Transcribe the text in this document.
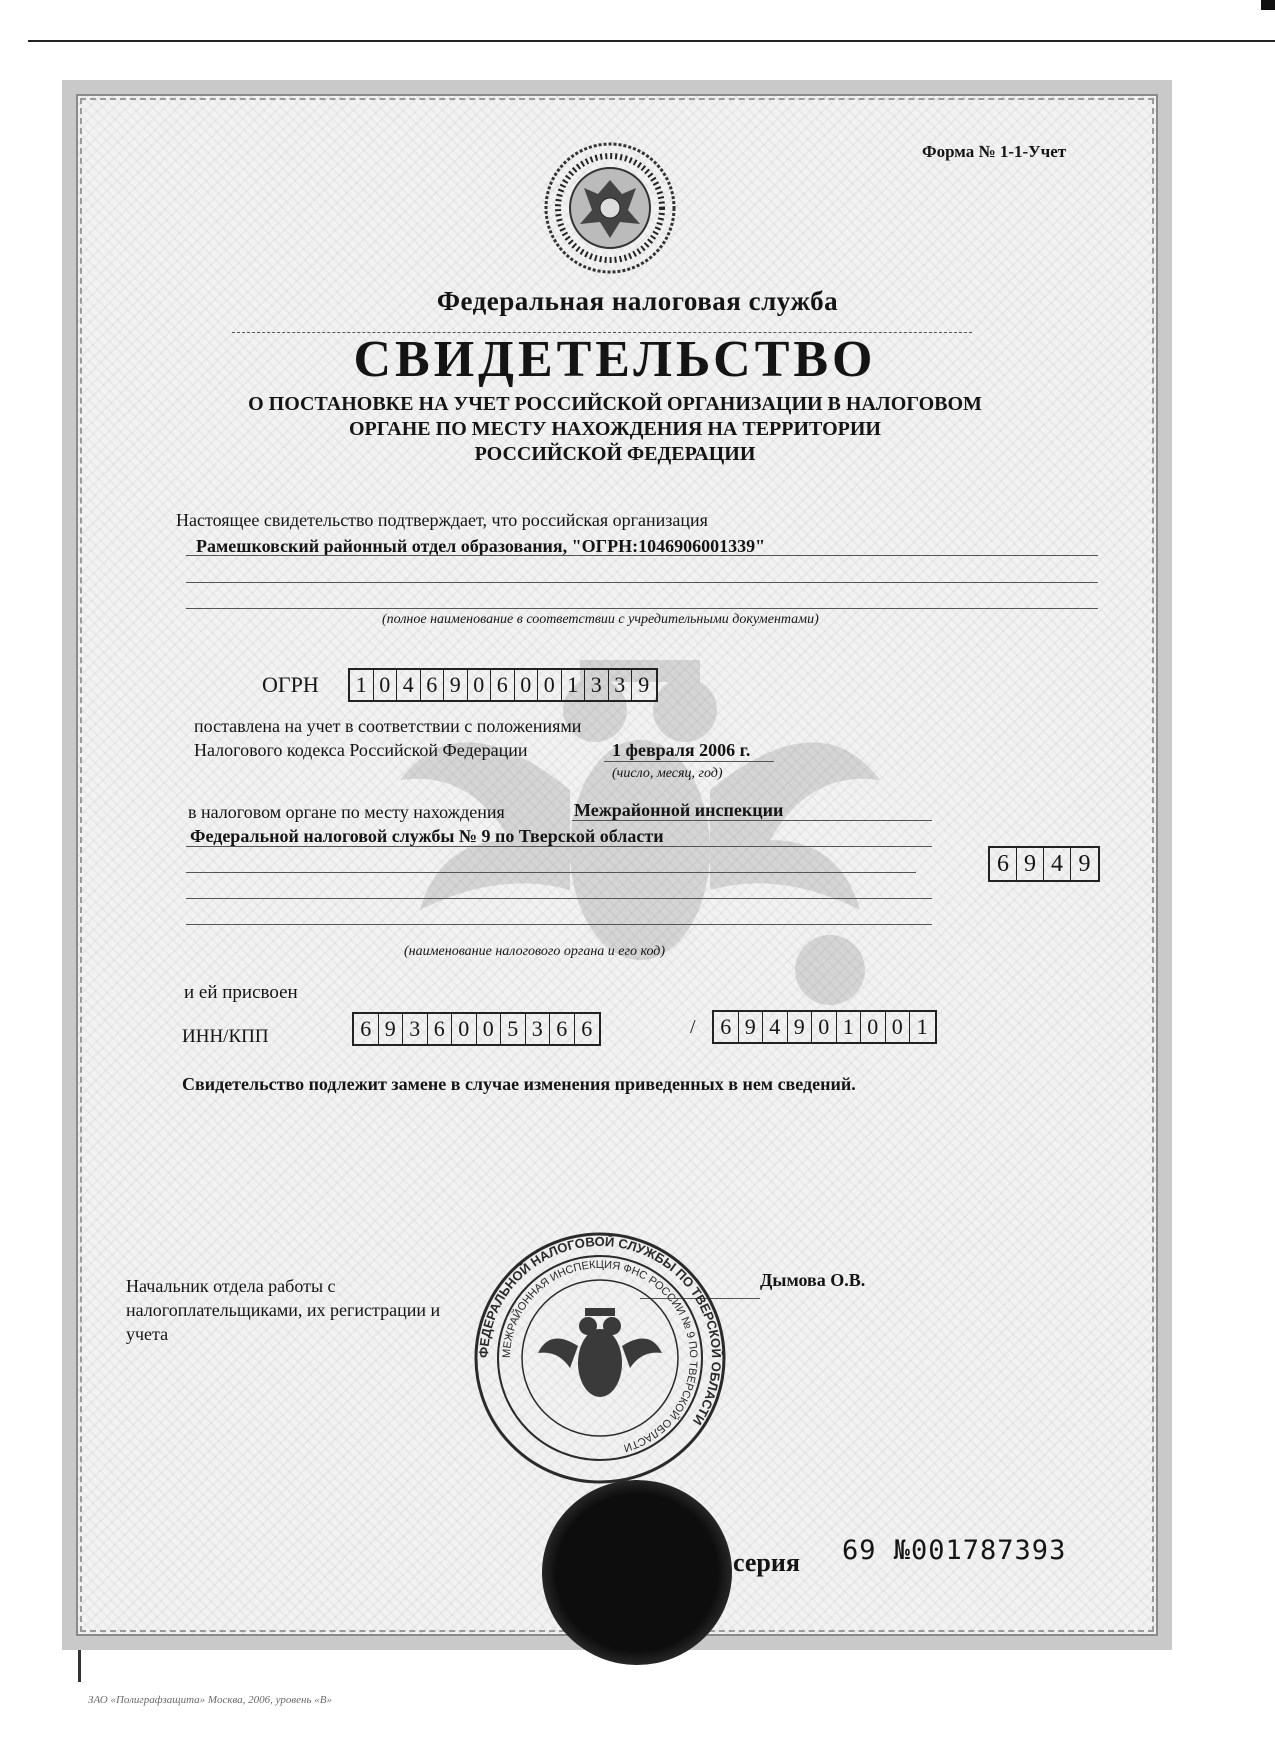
Форма № 1-1-Учет
Федеральная налоговая служба
СВИДЕТЕЛЬСТВО
О ПОСТАНОВКЕ НА УЧЕТ РОССИЙСКОЙ ОРГАНИЗАЦИИ В НАЛОГОВОМ
ОРГАНЕ ПО МЕСТУ НАХОЖДЕНИЯ НА ТЕРРИТОРИИ
РОССИЙСКОЙ ФЕДЕРАЦИИ
Настоящее свидетельство подтверждает, что российская организация
Рамешковский районный отдел образования, "ОГРН:1046906001339"
(полное наименование в соответствии с учредительными документами)
ОГРН 1 0 4 6 9 0 6 0 0 1 3 3 9
поставлена на учет в соответствии с положениями
Налогового кодекса Российской Федерации	1 февраля 2006 г.
(число, месяц, год)
в налоговом органе по месту нахождения	Межрайонной инспекции
Федеральной налоговой службы № 9 по Тверской области
6 9 4 9
(наименование налогового органа и его код)
и ей присвоен
ИНН/КПП	6 9 3 6 0 0 5 3 6 6	/ 6 9 4 9 0 1 0 0 1
Свидетельство подлежит замене в случае изменения приведенных в нем сведений.
Начальник отдела работы с
налогоплательщиками, их регистрации и
учета
Дымова О.В.
ФЕДЕРАЛЬНОЙ НАЛОГОВОЙ СЛУЖБЫ ПО ТВЕРСКОЙ ОБЛАСТИ
МЕЖРАЙОННАЯ ИНСПЕКЦИЯ ФНС РОССИИ № 9 ПО ТВЕРСКОЙ ОБЛАСТИ
серия 69 №001787393
ЗАО «Полиграфзащита» Москва, 2006, уровень «В»
